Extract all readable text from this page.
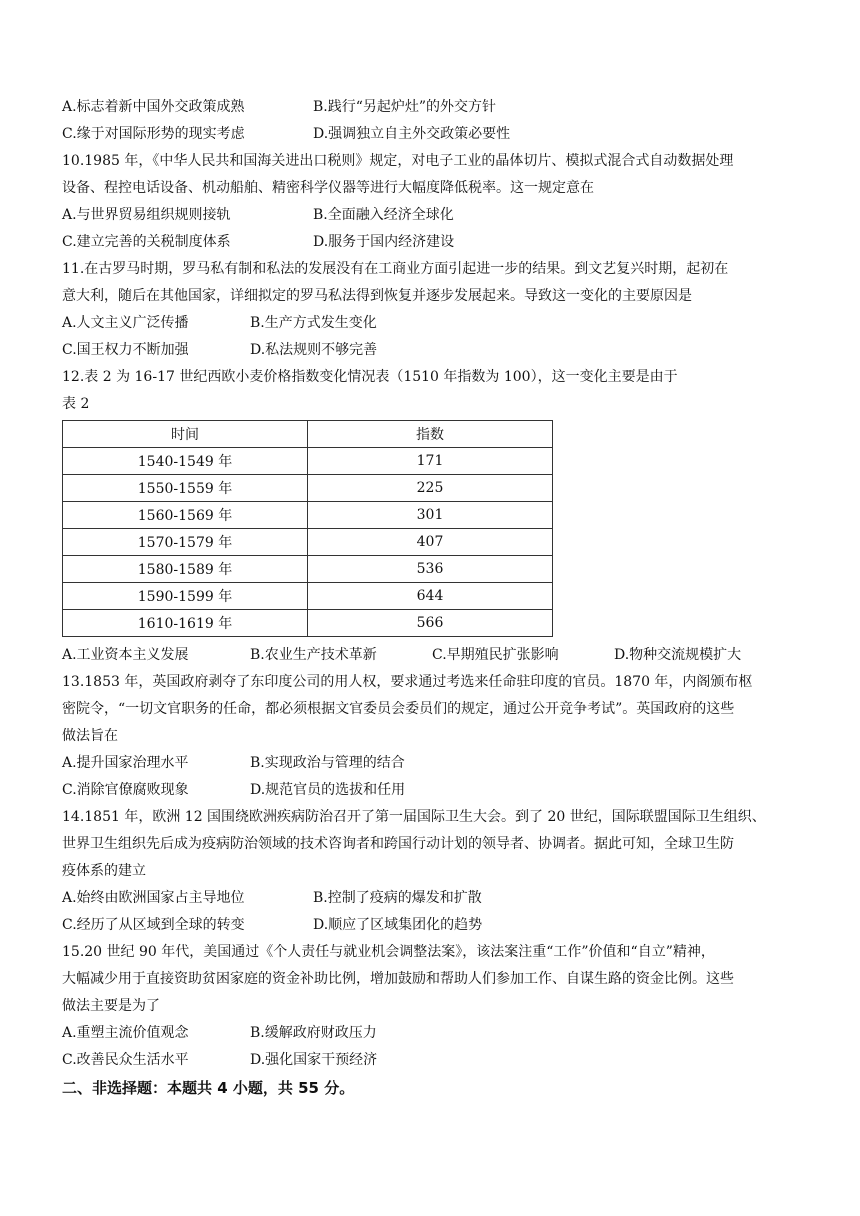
A.标志着新中国外交政策成熟	B.践行“另起炉灶”的外交方针
C.缘于对国际形势的现实考虑	D.强调独立自主外交政策必要性
10.1985 年，《中华人民共和国海关进出口税则》规定，对电子工业的晶体切片、模拟式混合式自动数据处理
设备、程控电话设备、机动船舶、精密科学仪器等进行大幅度降低税率。这一规定意在
A.与世界贸易组织规则接轨	B.全面融入经济全球化
C.建立完善的关税制度体系	D.服务于国内经济建设
11.在古罗马时期，罗马私有制和私法的发展没有在工商业方面引起进一步的结果。到文艺复兴时期，起初在
意大利，随后在其他国家，详细拟定的罗马私法得到恢复并逐步发展起来。导致这一变化的主要原因是
A.人文主义广泛传播	B.生产方式发生变化
C.国王权力不断加强	D.私法规则不够完善
12.表 2 为 16-17 世纪西欧小麦价格指数变化情况表（1510 年指数为 100），这一变化主要是由于
表 2
时间	指数
1540-1549 年	171
1550-1559 年	225
1560-1569 年	301
1570-1579 年	407
1580-1589 年	536
1590-1599 年	644
1610-1619 年	566
A.工业资本主义发展	B.农业生产技术革新	C.早期殖民扩张影响	D.物种交流规模扩大
13.1853 年，英国政府剥夺了东印度公司的用人权，要求通过考选来任命驻印度的官员。1870 年，内阁颁布枢
密院令，“一切文官职务的任命，都必须根据文官委员会委员们的规定，通过公开竞争考试”。英国政府的这些
做法旨在
A.提升国家治理水平	B.实现政治与管理的结合
C.消除官僚腐败现象	D.规范官员的选拔和任用
14.1851 年，欧洲 12 国围绕欧洲疾病防治召开了第一届国际卫生大会。到了 20 世纪，国际联盟国际卫生组织、
世界卫生组织先后成为疫病防治领域的技术咨询者和跨国行动计划的领导者、协调者。据此可知，全球卫生防
疫体系的建立
A.始终由欧洲国家占主导地位	B.控制了疫病的爆发和扩散
C.经历了从区域到全球的转变	D.顺应了区域集团化的趋势
15.20 世纪 90 年代，美国通过《个人责任与就业机会调整法案》，该法案注重“工作”价值和“自立”精神，
大幅减少用于直接资助贫困家庭的资金补助比例，增加鼓励和帮助人们参加工作、自谋生路的资金比例。这些
做法主要是为了
A.重塑主流价值观念	B.缓解政府财政压力
C.改善民众生活水平	D.强化国家干预经济
二、非选择题：本题共 4 小题，共 55 分。
